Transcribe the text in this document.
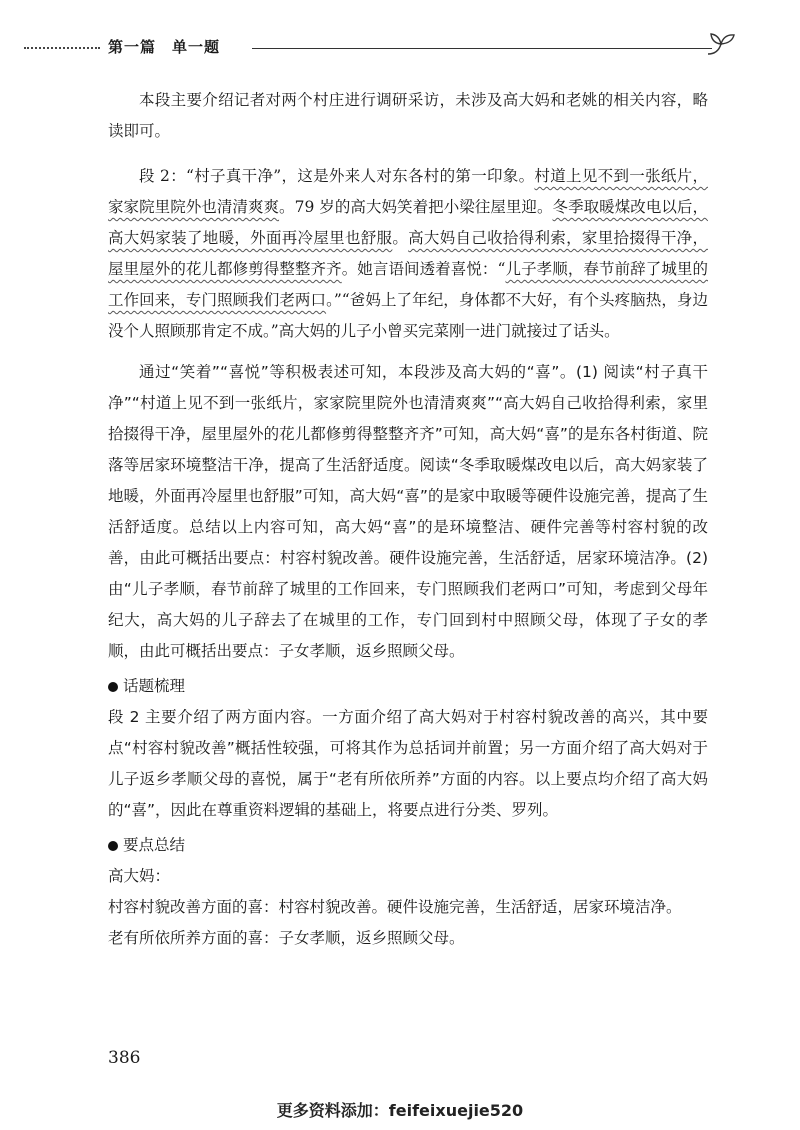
第一篇　单一题

本段主要介绍记者对两个村庄进行调研采访，未涉及高大妈和老姚的相关内容，略读即可。

段 2：“村子真干净”，这是外来人对东各村的第一印象。村道上见不到一张纸片，家家院里院外也清清爽爽。79 岁的高大妈笑着把小梁往屋里迎。冬季取暖煤改电以后，高大妈家装了地暖，外面再冷屋里也舒服。高大妈自己收拾得利索，家里拾掇得干净，屋里屋外的花儿都修剪得整整齐齐。她言语间透着喜悦：“儿子孝顺，春节前辞了城里的工作回来，专门照顾我们老两口。”“爸妈上了年纪，身体都不大好，有个头疼脑热，身边没个人照顾那肯定不成。”高大妈的儿子小曾买完菜刚一进门就接过了话头。

通过“笑着”“喜悦”等积极表述可知，本段涉及高大妈的“喜”。(1) 阅读“村子真干净”“村道上见不到一张纸片，家家院里院外也清清爽爽”“高大妈自己收拾得利索，家里拾掇得干净，屋里屋外的花儿都修剪得整整齐齐”可知，高大妈“喜”的是东各村街道、院落等居家环境整洁干净，提高了生活舒适度。阅读“冬季取暖煤改电以后，高大妈家装了地暖，外面再冷屋里也舒服”可知，高大妈“喜”的是家中取暖等硬件设施完善，提高了生活舒适度。总结以上内容可知，高大妈“喜”的是环境整洁、硬件完善等村容村貌的改善，由此可概括出要点：村容村貌改善。硬件设施完善，生活舒适，居家环境洁净。(2) 由“儿子孝顺，春节前辞了城里的工作回来，专门照顾我们老两口”可知，考虑到父母年纪大，高大妈的儿子辞去了在城里的工作，专门回到村中照顾父母，体现了子女的孝顺，由此可概括出要点：子女孝顺，返乡照顾父母。

话题梳理

段 2 主要介绍了两方面内容。一方面介绍了高大妈对于村容村貌改善的高兴，其中要点“村容村貌改善”概括性较强，可将其作为总括词并前置；另一方面介绍了高大妈对于儿子返乡孝顺父母的喜悦，属于“老有所依所养”方面的内容。以上要点均介绍了高大妈的“喜”，因此在尊重资料逻辑的基础上，将要点进行分类、罗列。

要点总结

高大妈：

村容村貌改善方面的喜：村容村貌改善。硬件设施完善，生活舒适，居家环境洁净。

老有所依所养方面的喜：子女孝顺，返乡照顾父母。

386
更多资料添加：feifeixuejie520
